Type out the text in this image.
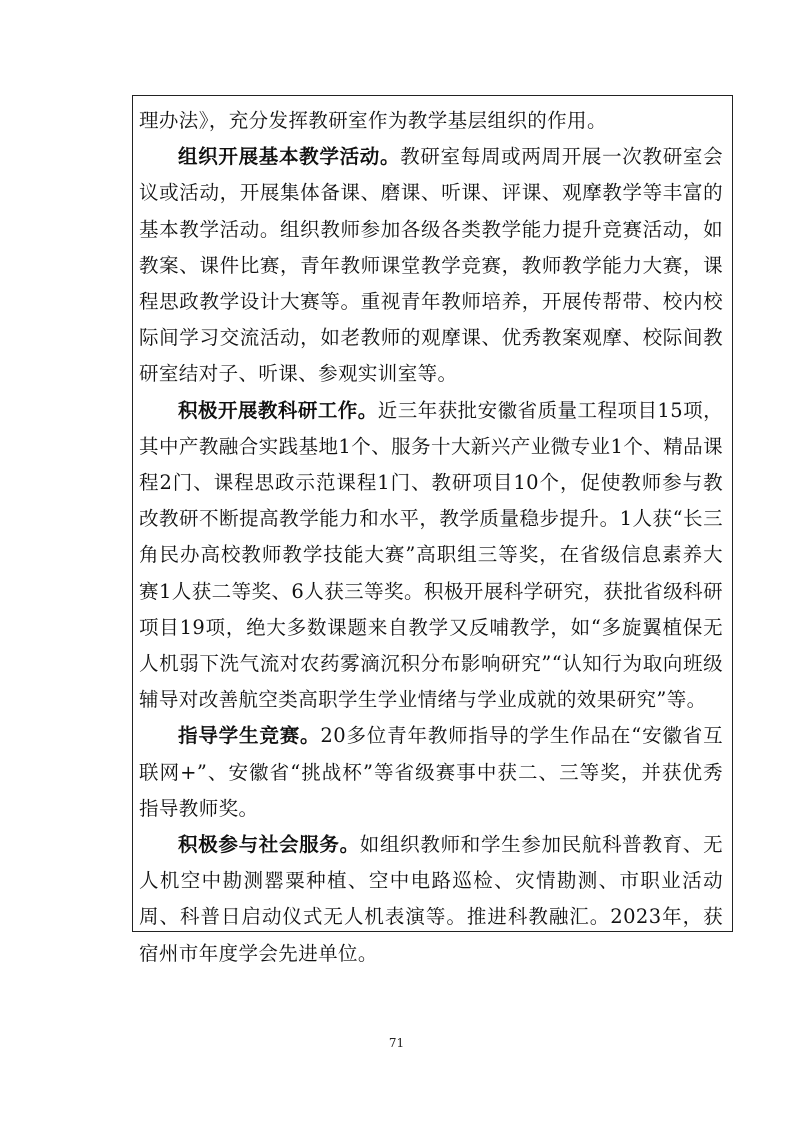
理办法》，充分发挥教研室作为教学基层组织的作用。

组织开展基本教学活动。教研室每周或两周开展一次教研室会议或活动，开展集体备课、磨课、听课、评课、观摩教学等丰富的基本教学活动。组织教师参加各级各类教学能力提升竞赛活动，如教案、课件比赛，青年教师课堂教学竞赛，教师教学能力大赛，课程思政教学设计大赛等。重视青年教师培养，开展传帮带、校内校际间学习交流活动，如老教师的观摩课、优秀教案观摩、校际间教研室结对子、听课、参观实训室等。

积极开展教科研工作。近三年获批安徽省质量工程项目15项，其中产教融合实践基地1个、服务十大新兴产业微专业1个、精品课程2门、课程思政示范课程1门、教研项目10个，促使教师参与教改教研不断提高教学能力和水平，教学质量稳步提升。1人获“长三角民办高校教师教学技能大赛”高职组三等奖，在省级信息素养大赛1人获二等奖、6人获三等奖。积极开展科学研究，获批省级科研项目19项，绝大多数课题来自教学又反哺教学，如“多旋翼植保无人机弱下洗气流对农药雾滴沉积分布影响研究”“认知行为取向班级辅导对改善航空类高职学生学业情绪与学业成就的效果研究”等。

指导学生竞赛。20多位青年教师指导的学生作品在“安徽省互联网+”、安徽省“挑战杯”等省级赛事中获二、三等奖，并获优秀指导教师奖。

积极参与社会服务。如组织教师和学生参加民航科普教育、无人机空中勘测罂粟种植、空中电路巡检、灾情勘测、市职业活动周、科普日启动仪式无人机表演等。推进科教融汇。2023年，获宿州市年度学会先进单位。

71
